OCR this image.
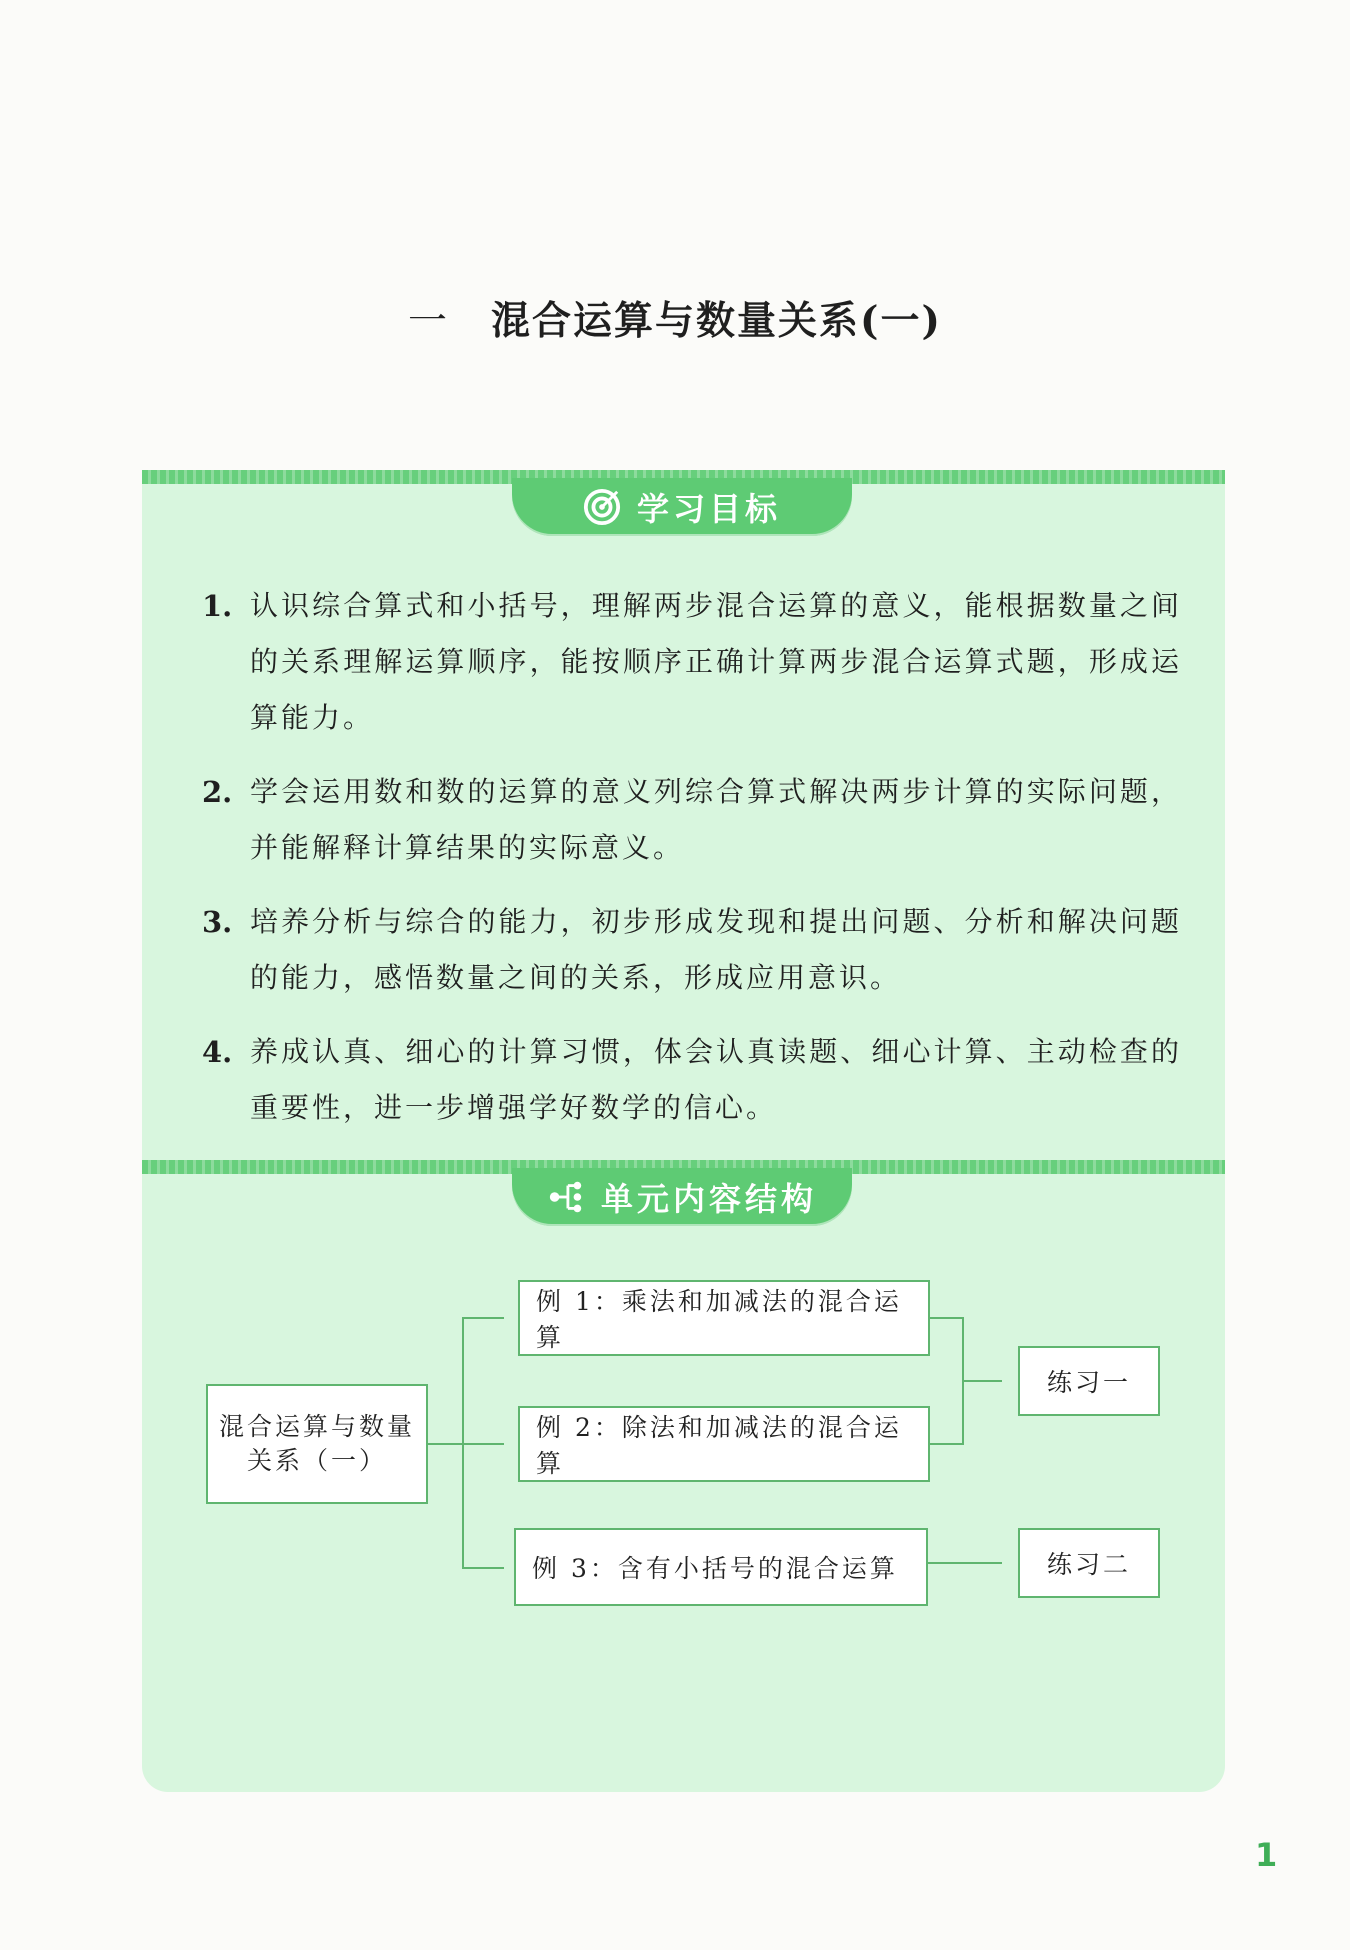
一 混合运算与数量关系(一)
学习目标
1. 认识综合算式和小括号，理解两步混合运算的意义，能根据数量之间的关系理解运算顺序，能按顺序正确计算两步混合运算式题，形成运算能力。
2. 学会运用数和数的运算的意义列综合算式解决两步计算的实际问题，并能解释计算结果的实际意义。
3. 培养分析与综合的能力，初步形成发现和提出问题、分析和解决问题的能力，感悟数量之间的关系，形成应用意识。
4. 养成认真、细心的计算习惯，体会认真读题、细心计算、主动检查的重要性，进一步增强学好数学的信心。
单元内容结构
混合运算与数量关系（一）
例 1：乘法和加减法的混合运算
例 2：除法和加减法的混合运算
例 3：含有小括号的混合运算
练习一
练习二
1
